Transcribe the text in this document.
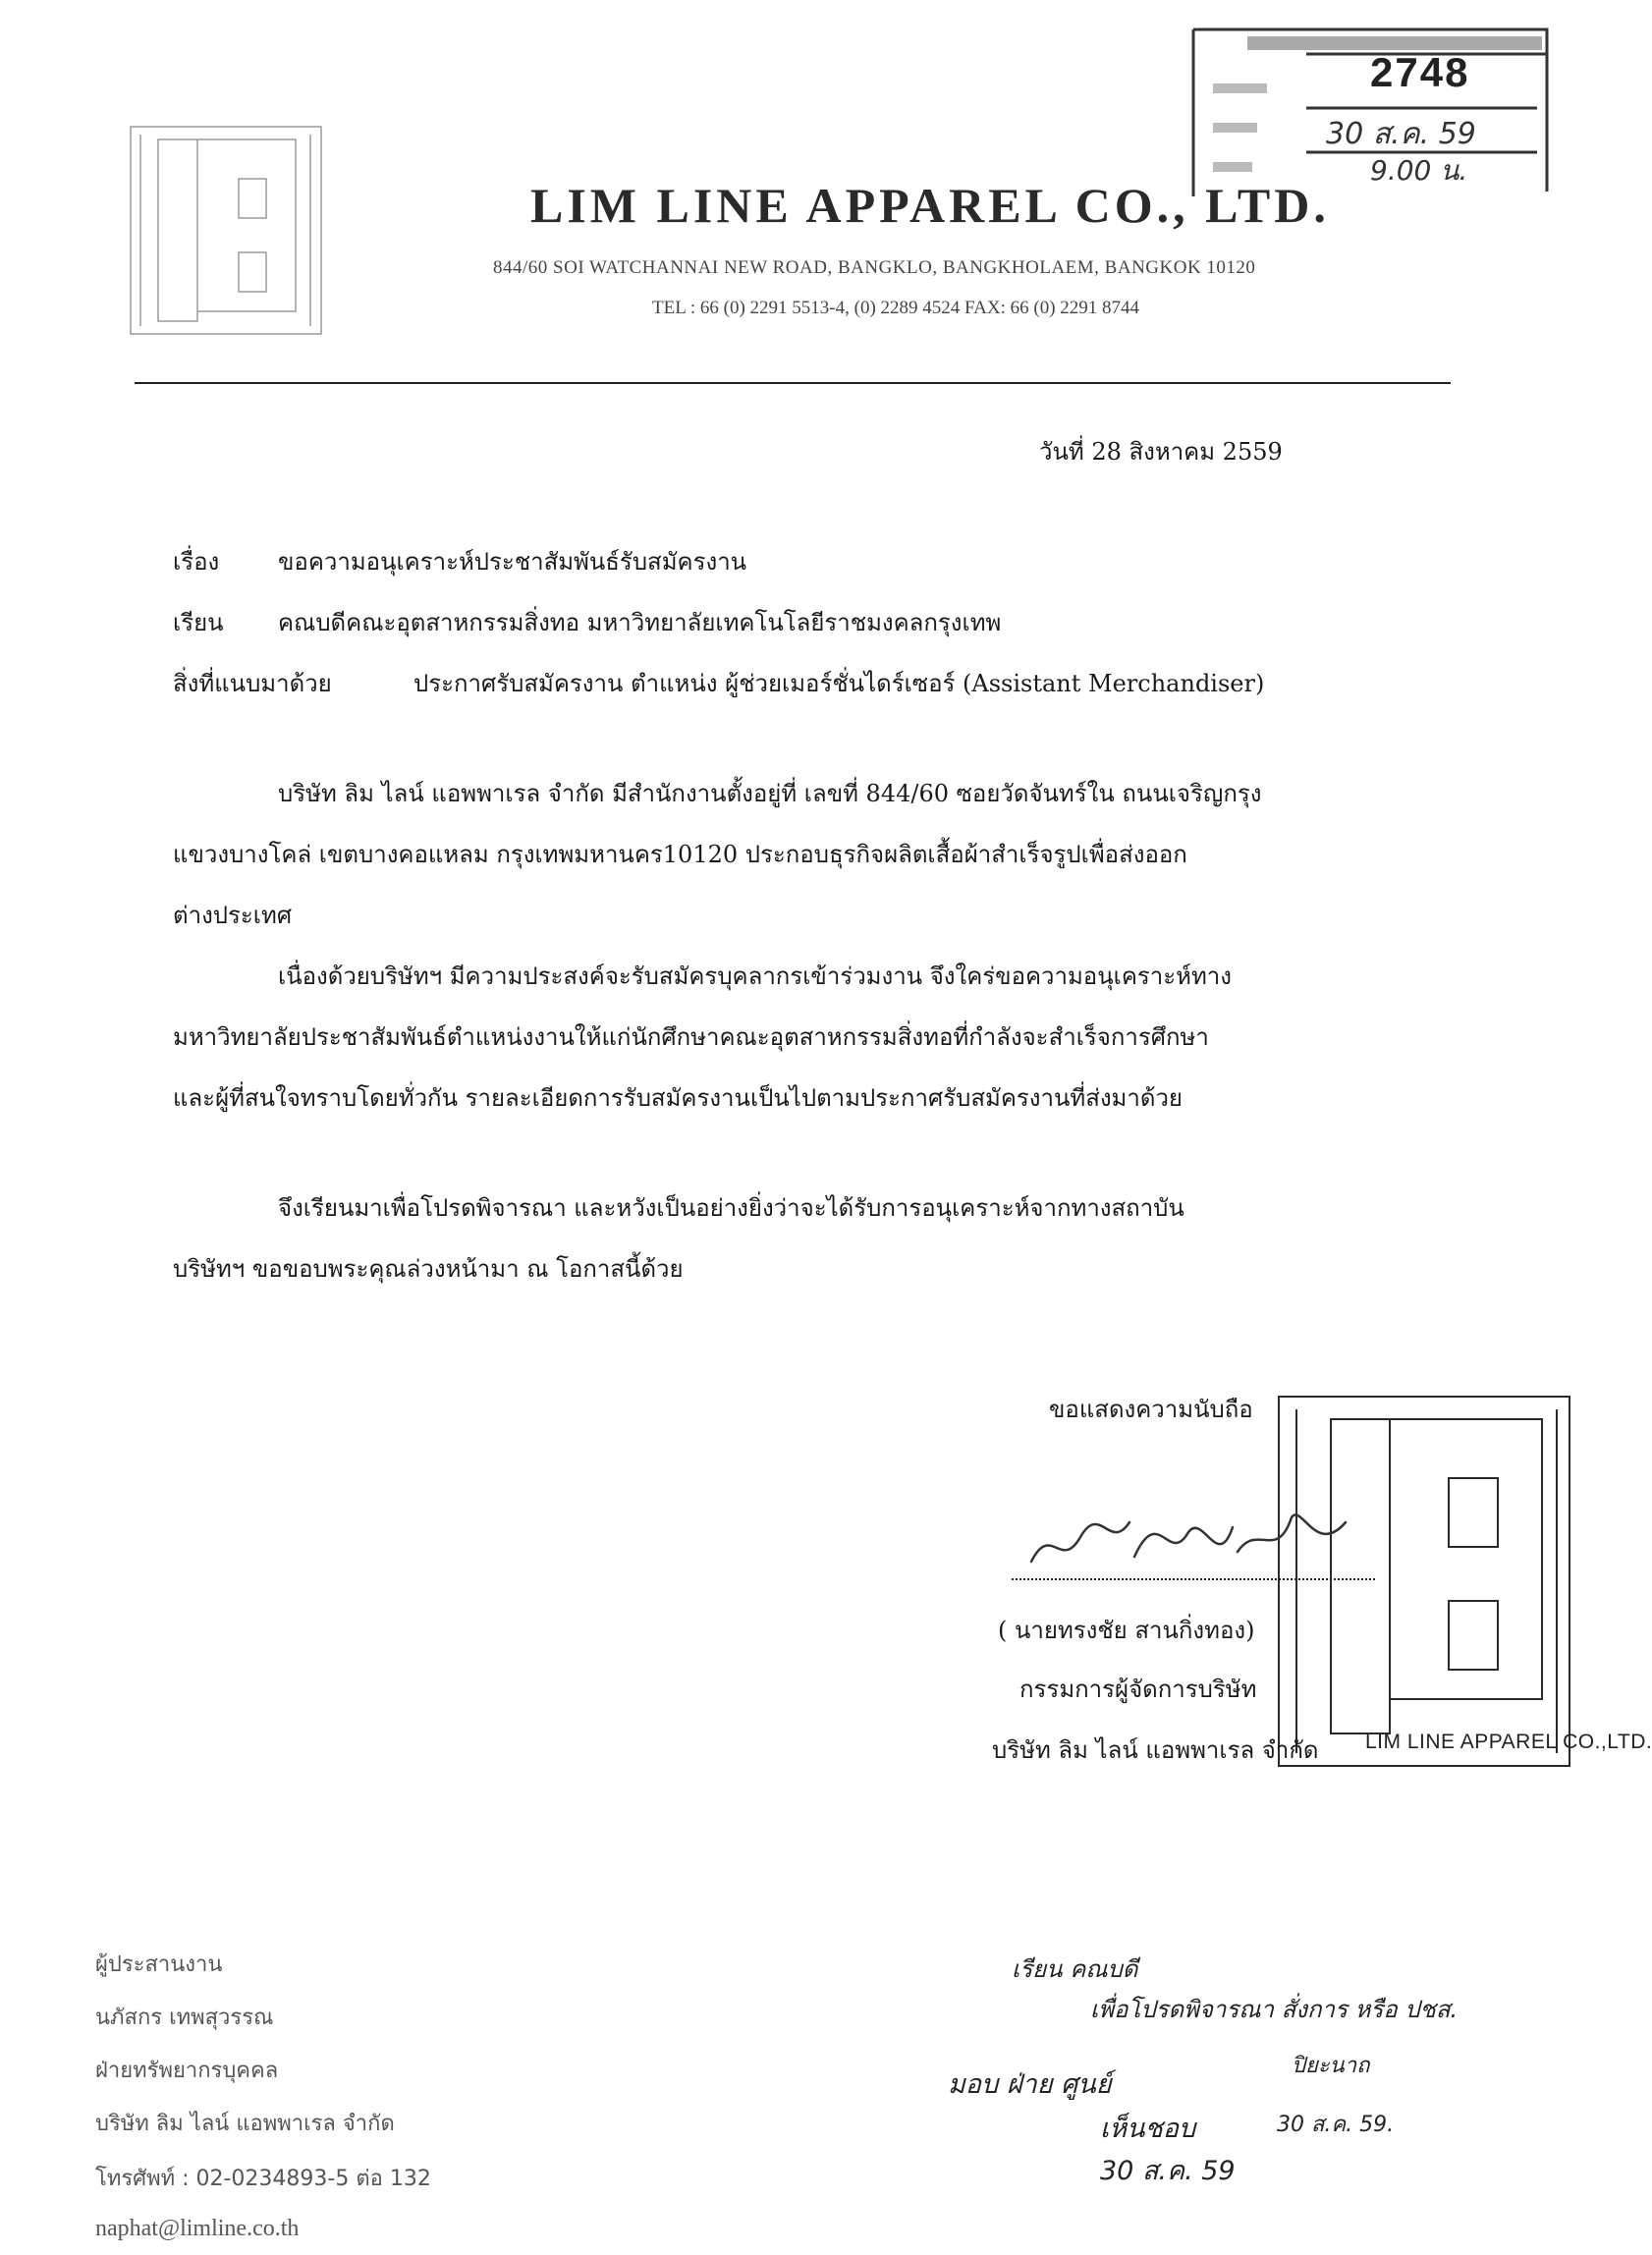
LIM LINE APPAREL CO., LTD.
844/60 SOI WATCHANNAI NEW ROAD, BANGKLO, BANGKHOLAEM, BANGKOK 10120
TEL : 66 (0) 2291 5513-4, (0) 2289 4524 FAX: 66 (0) 2291 8744
2748
30 ส.ค. 59
9.00 น.
วันที่ 28 สิงหาคม 2559
เรื่อง ขอความอนุเคราะห์ประชาสัมพันธ์รับสมัครงาน
เรียน คณบดีคณะอุตสาหกรรมสิ่งทอ มหาวิทยาลัยเทคโนโลยีราชมงคลกรุงเทพ
สิ่งที่แนบมาด้วย	ประกาศรับสมัครงาน ตำแหน่ง ผู้ช่วยเมอร์ชั่นไดร์เซอร์ (Assistant Merchandiser)
บริษัท ลิม ไลน์ แอพพาเรล จำกัด มีสำนักงานตั้งอยู่ที่ เลขที่ 844/60 ซอยวัดจันทร์ใน ถนนเจริญกรุง
แขวงบางโคล่ เขตบางคอแหลม กรุงเทพมหานคร10120 ประกอบธุรกิจผลิตเสื้อผ้าสำเร็จรูปเพื่อส่งออก
ต่างประเทศ
เนื่องด้วยบริษัทฯ มีความประสงค์จะรับสมัครบุคลากรเข้าร่วมงาน จึงใคร่ขอความอนุเคราะห์ทาง
มหาวิทยาลัยประชาสัมพันธ์ตำแหน่งงานให้แก่นักศึกษาคณะอุตสาหกรรมสิ่งทอที่กำลังจะสำเร็จการศึกษา
และผู้ที่สนใจทราบโดยทั่วกัน รายละเอียดการรับสมัครงานเป็นไปตามประกาศรับสมัครงานที่ส่งมาด้วย
จึงเรียนมาเพื่อโปรดพิจารณา และหวังเป็นอย่างยิ่งว่าจะได้รับการอนุเคราะห์จากทางสถาบัน
บริษัทฯ ขอขอบพระคุณล่วงหน้ามา ณ โอกาสนี้ด้วย
LIM LINE APPAREL CO.,LTD.
ขอแสดงความนับถือ
( นายทรงชัย สานกิ่งทอง)
กรรมการผู้จัดการบริษัท
บริษัท ลิม ไลน์ แอพพาเรล จำกัด
ผู้ประสานงาน
นภัสกร เทพสุวรรณ
ฝ่ายทรัพยากรบุคคล
บริษัท ลิม ไลน์ แอพพาเรล จำกัด
โทรศัพท์ : 02-0234893-5 ต่อ 132
naphat@limline.co.th
เรียน คณบดี
เพื่อโปรดพิจารณา สั่งการ หรือ ปชส.
ปิยะนาถ
มอบ ฝ่าย ศูนย์
เห็นชอบ	30 ส.ค. 59.
30 ส.ค. 59
